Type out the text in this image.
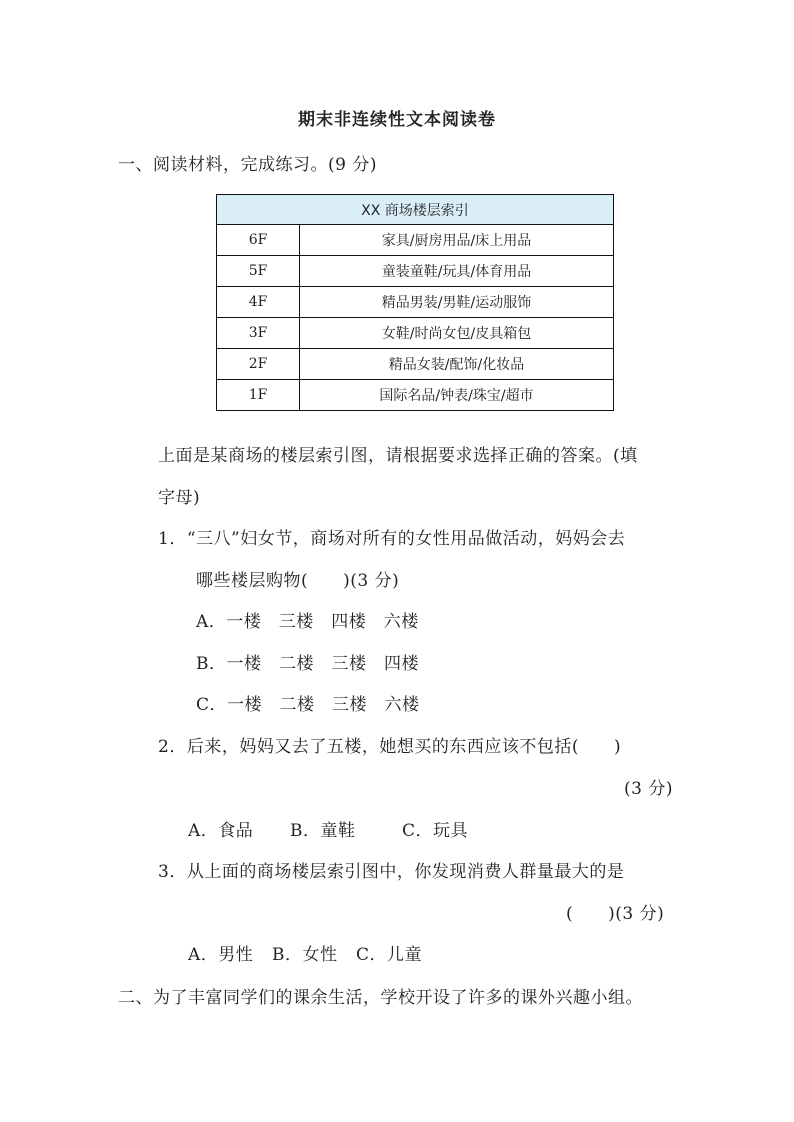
期末非连续性文本阅读卷
一、阅读材料，完成练习。(9 分)
XX 商场楼层索引	
6F	家具/厨房用品/床上用品
5F	童装童鞋/玩具/体育用品
4F	精品男装/男鞋/运动服饰
3F	女鞋/时尚女包/皮具箱包
2F	精品女装/配饰/化妆品
1F	国际名品/钟表/珠宝/超市
上面是某商场的楼层索引图，请根据要求选择正确的答案。(填
字母)
1．“三八”妇女节，商场对所有的女性用品做活动，妈妈会去
哪些楼层购物(　　)(3 分)
A．一楼　三楼　四楼　六楼
B．一楼　二楼　三楼　四楼
C．一楼　二楼　三楼　六楼
2．后来，妈妈又去了五楼，她想买的东西应该不包括(　　)
(3 分)
A．食品 B．童鞋	C．玩具
3．从上面的商场楼层索引图中，你发现消费人群量最大的是
(　　)(3 分)
A．男性 B．女性 C．儿童
二、为了丰富同学们的课余生活，学校开设了许多的课外兴趣小组。
